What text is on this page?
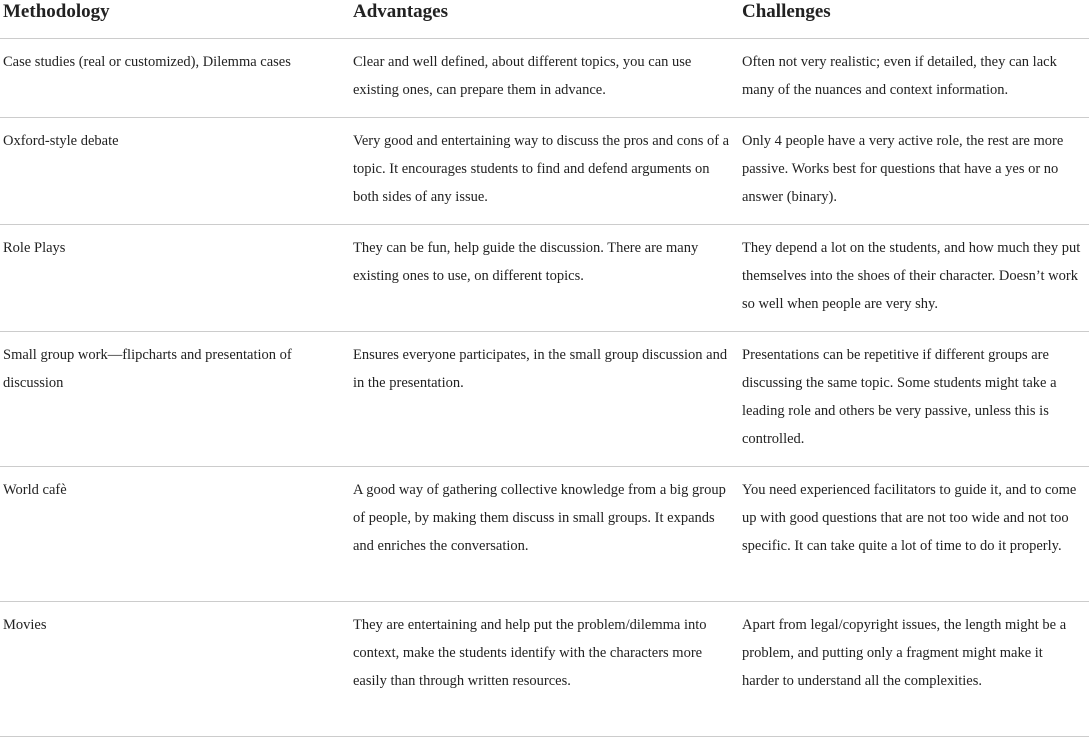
Methodology	Advantages	Challenges
Case studies (real or customized), Dilemma cases	Clear and well defined, about different topics, you can use existing ones, can prepare them in advance.	Often not very realistic; even if detailed, they can lack many of the nuances and context information.
Oxford-style debate	Very good and entertaining way to discuss the pros and cons of a topic. It encourages students to find and defend arguments on both sides of any issue.	Only 4 people have a very active role, the rest are more passive. Works best for questions that have a yes or no answer (binary).
Role Plays	They can be fun, help guide the discussion. There are many existing ones to use, on different topics.	They depend a lot on the students, and how much they put themselves into the shoes of their character. Doesn’t work so well when people are very shy.
Small group work—flipcharts and presentation of discussion	Ensures everyone participates, in the small group discussion and in the presentation.	Presentations can be repetitive if different groups are discussing the same topic. Some students might take a leading role and others be very passive, unless this is controlled.
World cafè	A good way of gathering collective knowledge from a big group of people, by making them discuss in small groups. It expands and enriches the conversation.	You need experienced facilitators to guide it, and to come up with good questions that are not too wide and not too specific. It can take quite a lot of time to do it properly.
Movies	They are entertaining and help put the problem/dilemma into context, make the students identify with the characters more easily than through written resources.	Apart from legal/copyright issues, the length might be a problem, and putting only a fragment might make it harder to understand all the complexities.
